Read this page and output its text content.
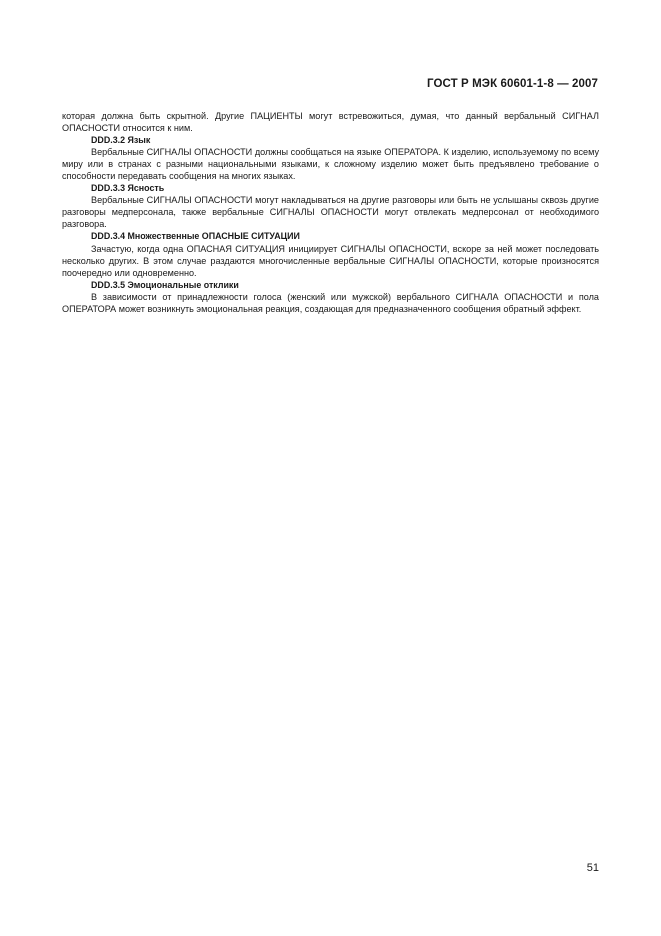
ГОСТ Р МЭК 60601-1-8 — 2007

которая должна быть скрытной. Другие ПАЦИЕНТЫ могут встревожиться, думая, что данный вербальный СИГНАЛ ОПАСНОСТИ относится к ним.

DDD.3.2 Язык

Вербальные СИГНАЛЫ ОПАСНОСТИ должны сообщаться на языке ОПЕРАТОРА. К изделию, используемому по всему миру или в странах с разными национальными языками, к сложному изделию может быть предъявлено требование о способности передавать сообщения на многих языках.

DDD.3.3 Ясность

Вербальные СИГНАЛЫ ОПАСНОСТИ могут накладываться на другие разговоры или быть не услышаны сквозь другие разговоры медперсонала, также вербальные СИГНАЛЫ ОПАСНОСТИ могут отвлекать медперсонал от необходимого разговора.

DDD.3.4 Множественные ОПАСНЫЕ СИТУАЦИИ

Зачастую, когда одна ОПАСНАЯ СИТУАЦИЯ инициирует СИГНАЛЫ ОПАСНОСТИ, вскоре за ней может последовать несколько других. В этом случае раздаются многочисленные вербальные СИГНАЛЫ ОПАСНОСТИ, которые произносятся поочередно или одновременно.

DDD.3.5 Эмоциональные отклики

В зависимости от принадлежности голоса (женский или мужской) вербального СИГНАЛА ОПАСНОСТИ и пола ОПЕРАТОРА может возникнуть эмоциональная реакция, создающая для предназначенного сообщения обратный эффект.

51
